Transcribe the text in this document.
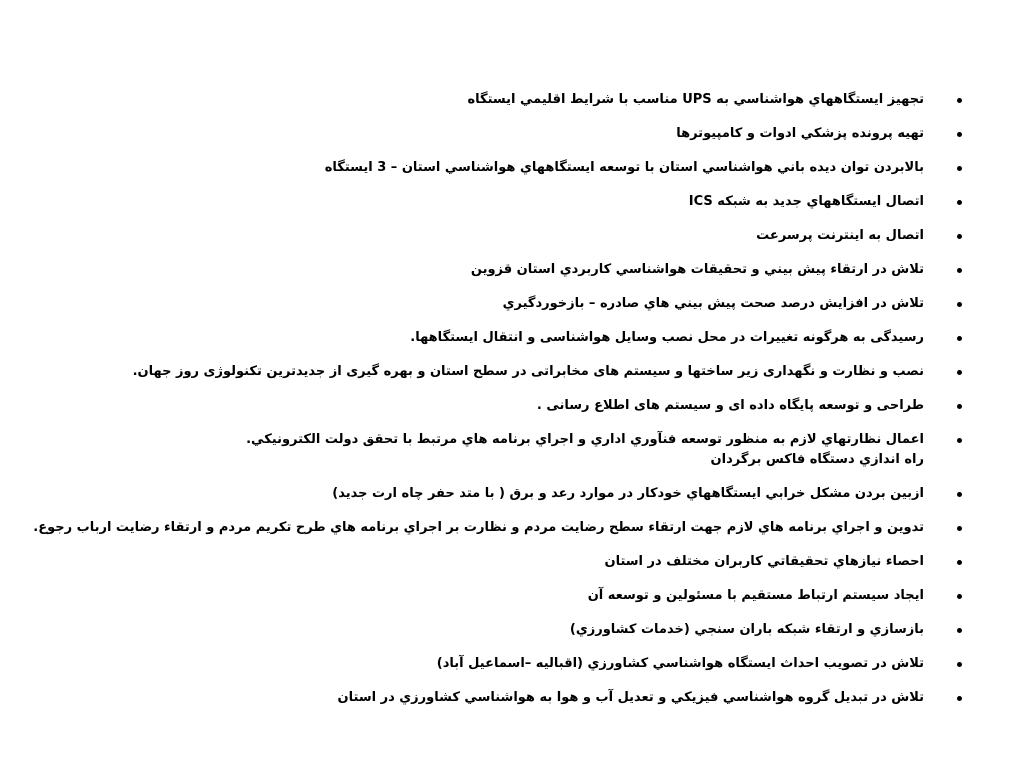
تجهيز ايستگاههاي هواشناسي به UPS مناسب با شرايط اقليمي ايستگاه
تهيه پرونده پزشكي ادوات و كامپيوترها
بالابردن توان ديده باني هواشناسي استان با توسعه ايستگاههاي هواشناسي استان – 3 ايستگاه
اتصال ايستگاههاي جديد به شبكه ICS
اتصال به اينترنت پرسرعت
تلاش در ارتقاء پيش بيني و تحقيقات هواشناسي كاربردي استان قزوين
تلاش در افزايش درصد صحت پيش بيني هاي صادره – بازخوردگيري
رسیدگی به هرگونه تغییرات در محل نصب وسایل هواشناسی و انتقال ایستگاهها.
نصب و نظارت و نگهداری زیر ساختها و سیستم های مخابراتی در سطح استان و بهره گیری از جدیدترین تکنولوژی روز جهان.
طراحی و توسعه پایگاه داده ای و سیستم های اطلاع رسانی .
اعمال نظارتهاي لازم به منظور توسعه فنآوري اداري و اجراي برنامه هاي مرتبط با تحقق دولت الكترونيكي.
راه اندازي دستگاه فاكس برگردان
ازبين بردن مشكل خرابي ايستگاههاي خودكار در موارد رعد و برق ( با متد حفر چاه ارت جديد)
تدوين و اجراي برنامه هاي لازم جهت ارتقاء سطح رضايت مردم و نظارت بر اجراي برنامه هاي طرح تكريم مردم و ارتقاء رضايت ارباب رجوع.
احصاء نيازهاي تحقيقاتي كاربران مختلف در استان
ايجاد سيستم ارتباط مستقيم با مسئولين و توسعه آن
بازسازي و ارتقاء شبكه باران سنجي (خدمات كشاورزي)
تلاش در تصويب احداث ايستگاه هواشناسي كشاورزي (اقباليه –اسماعيل آباد)
تلاش در تبديل گروه هواشناسي فيزيكي و تعديل آب و هوا به هواشناسي كشاورزي در استان
